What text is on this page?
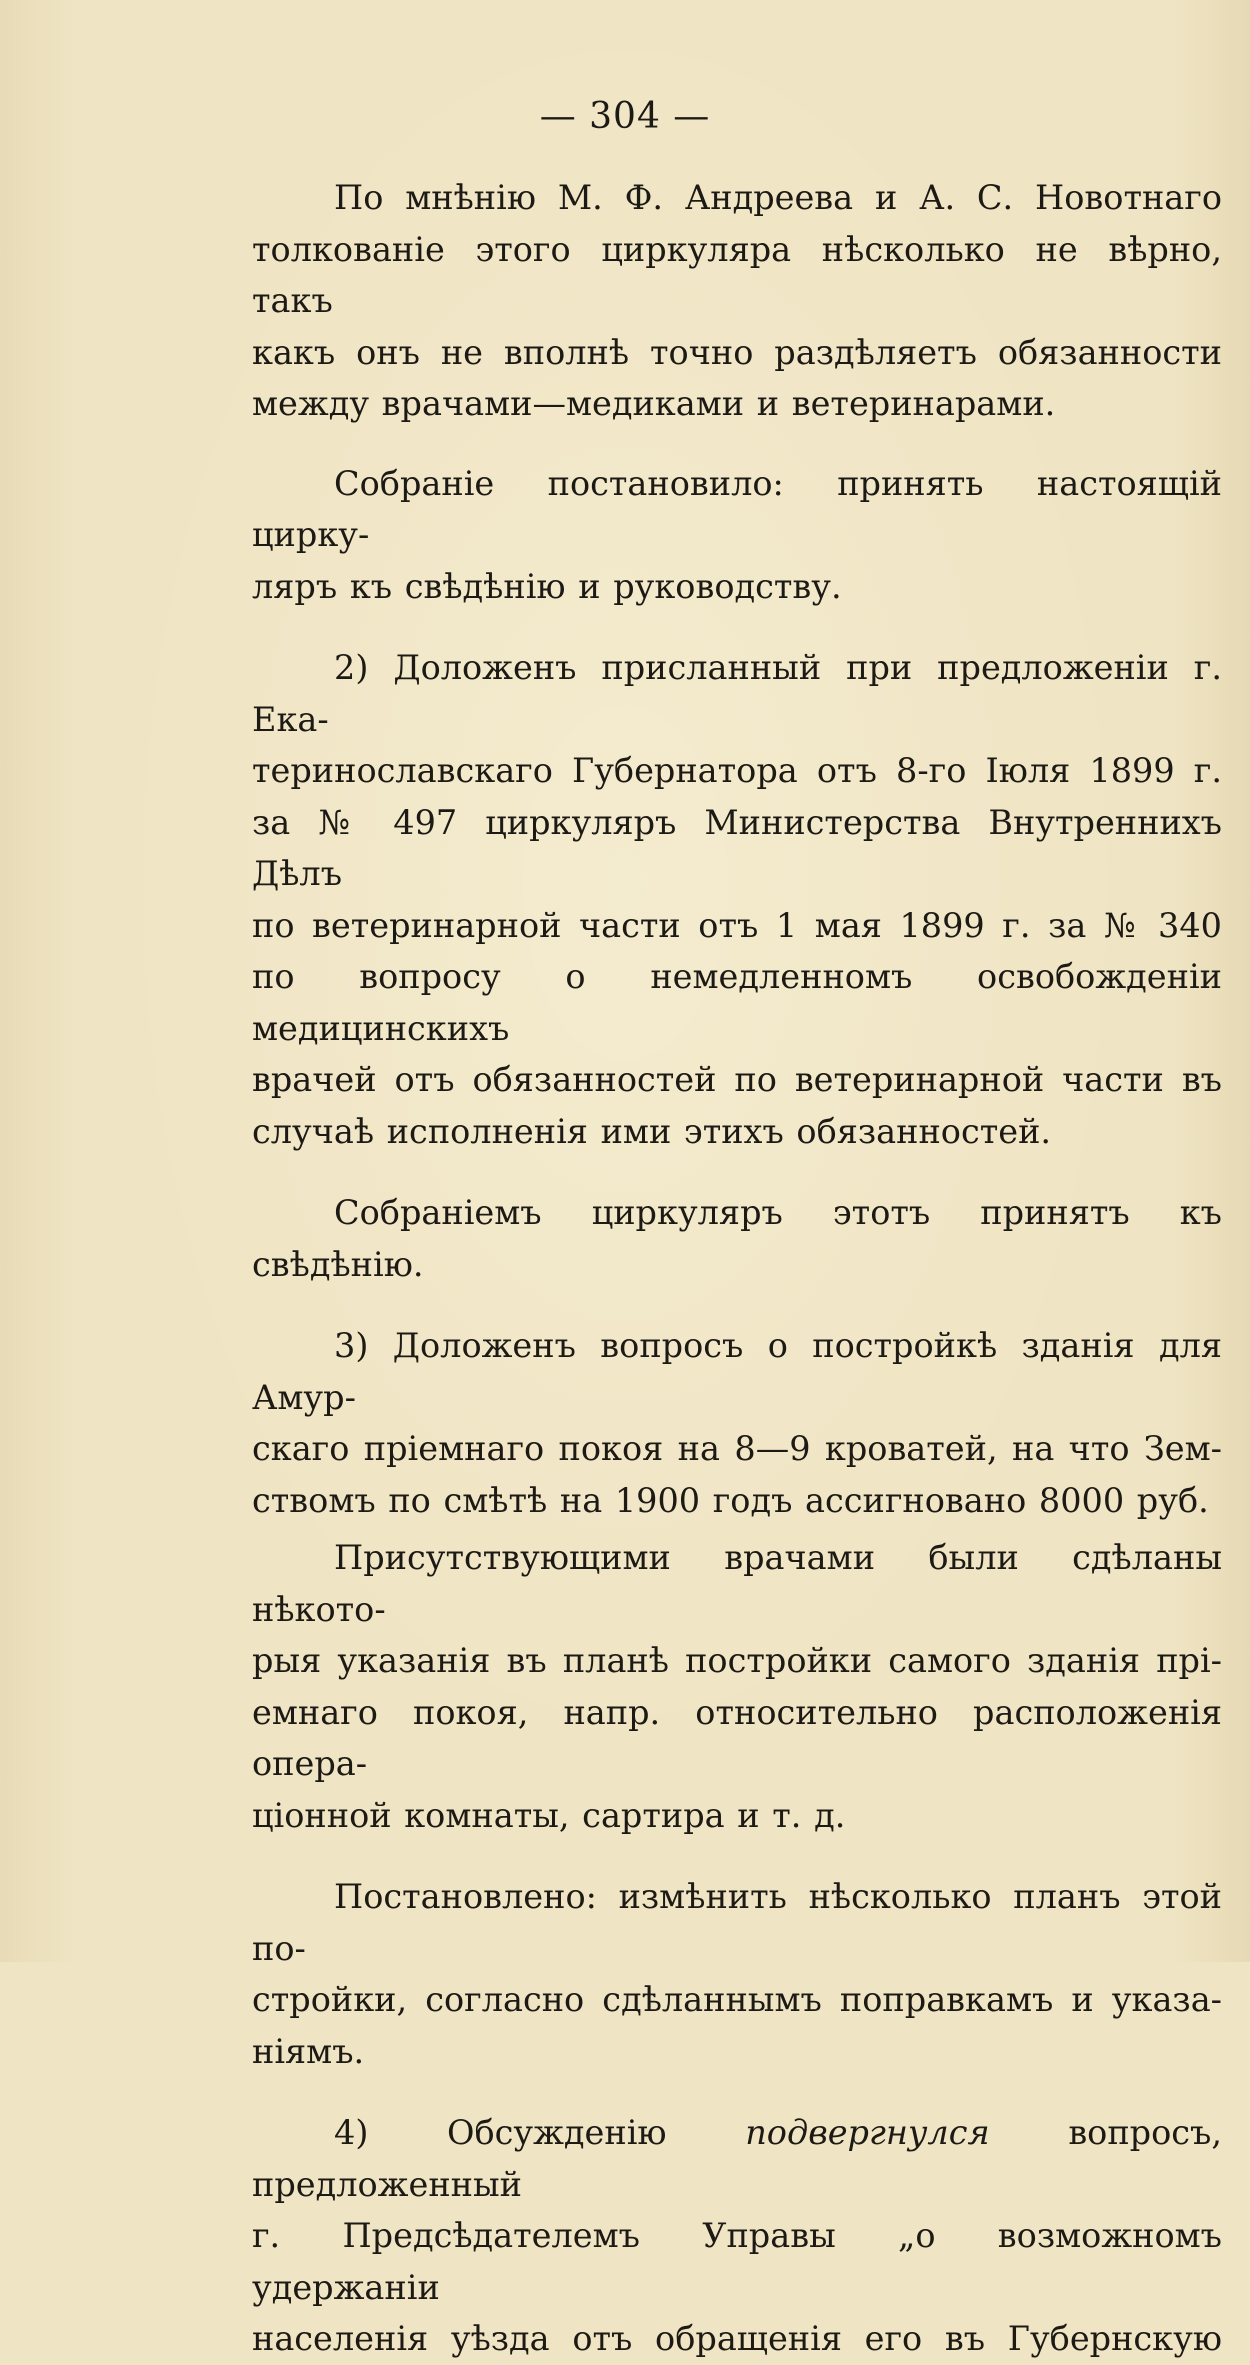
— 304 —
По мнѣнію М. Ф. Андреева и А. С. Новотнаго
толкованіе этого циркуляра нѣсколько не вѣрно, такъ
какъ онъ не вполнѣ точно раздѣляетъ обязанности
между врачами—медиками и ветеринарами.
Собраніе постановило: принять настоящій цирку-
ляръ къ свѣдѣнію и руководству.
2) Доложенъ присланный при предложеніи г. Ека-
теринославскаго Губернатора отъ 8-го Іюля 1899 г.
за № 497 циркуляръ Министерства Внутреннихъ Дѣлъ
по ветеринарной части отъ 1 мая 1899 г. за № 340
по вопросу о немедленномъ освобожденіи медицинскихъ
врачей отъ обязанностей по ветеринарной части въ
случаѣ исполненія ими этихъ обязанностей.
Собраніемъ циркуляръ этотъ принятъ къ свѣдѣнію.
3) Доложенъ вопросъ о постройкѣ зданія для Амур-
скаго пріемнаго покоя на 8—9 кроватей, на что Зем-
ствомъ по смѣтѣ на 1900 годъ ассигновано 8000 руб.
Присутствующими врачами были сдѣланы нѣкото-
рыя указанія въ планѣ постройки самого зданія прі-
емнаго покоя, напр. относительно расположенія опера-
ціонной комнаты, сартира и т. д.
Постановлено: измѣнить нѣсколько планъ этой по-
стройки, согласно сдѣланнымъ поправкамъ и указа-
ніямъ.
4) Обсужденію подвергнулся вопросъ, предложенный
г. Предсѣдателемъ Управы „о возможномъ удержаніи
населенія уѣзда отъ обращенія его въ Губернскую
